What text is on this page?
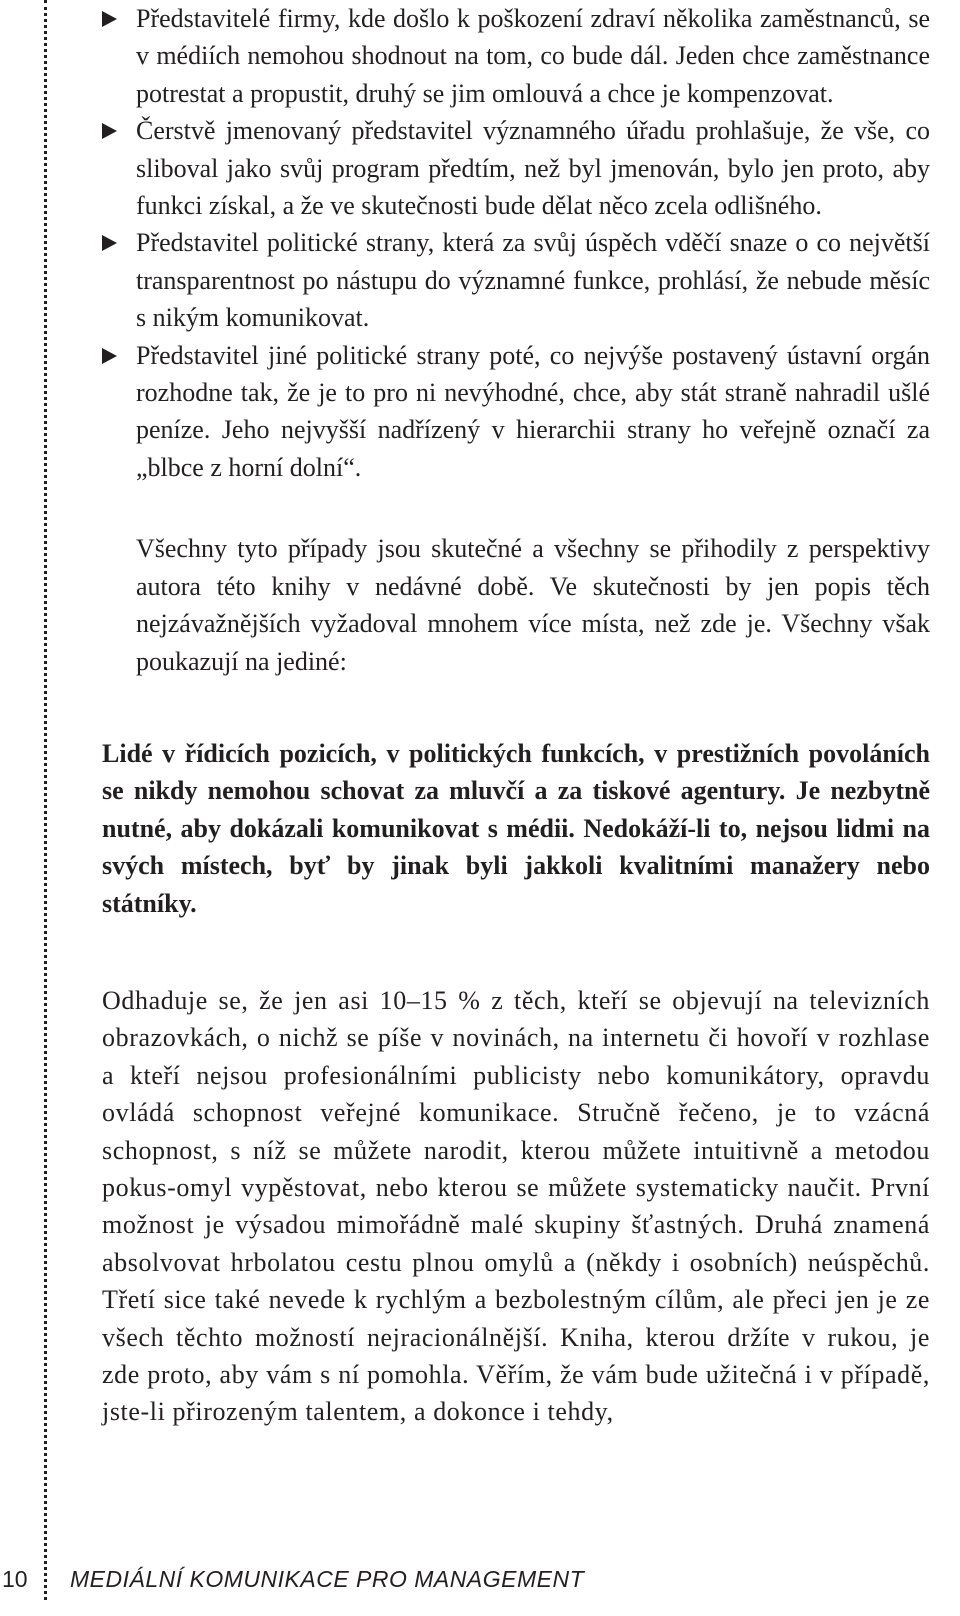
Představitelé firmy, kde došlo k poškození zdraví několika zaměstnanců, se v médiích nemohou shodnout na tom, co bude dál. Jeden chce zaměstnance potrestat a propustit, druhý se jim omlouvá a chce je kompenzovat.
Čerstvě jmenovaný představitel významného úřadu prohlašuje, že vše, co sliboval jako svůj program předtím, než byl jmenován, bylo jen proto, aby funkci získal, a že ve skutečnosti bude dělat něco zcela odlišného.
Představitel politické strany, která za svůj úspěch vděčí snaze o co největší transparentnost po nástupu do významné funkce, prohlásí, že nebude měsíc s nikým komunikovat.
Představitel jiné politické strany poté, co nejvýše postavený ústavní orgán rozhodne tak, že je to pro ni nevýhodné, chce, aby stát straně nahradil ušlé peníze. Jeho nejvyšší nadřízený v hierarchii strany ho veřejně označí za „blbce z horní dolní“.

Všechny tyto případy jsou skutečné a všechny se přihodily z perspektivy autora této knihy v nedávné době. Ve skutečnosti by jen popis těch nejzávažnějších vyžadoval mnohem více místa, než zde je. Všechny však poukazují na jediné:

Lidé v řídicích pozicích, v politických funkcích, v prestižních povoláních se nikdy nemohou schovat za mluvčí a za tiskové agentury. Je nezbytně nutné, aby dokázali komunikovat s médii. Nedokáží-li to, nejsou lidmi na svých místech, byť by jinak byli jakkoli kvalitními manažery nebo státníky.

Odhaduje se, že jen asi 10–15 % z těch, kteří se objevují na televizních obrazovkách, o nichž se píše v novinách, na internetu či hovoří v rozhlase a kteří nejsou profesionálními publicisty nebo komunikátory, opravdu ovládá schopnost veřejné komunikace. Stručně řečeno, je to vzácná schopnost, s níž se můžete narodit, kterou můžete intuitivně a metodou pokus-omyl vypěstovat, nebo kterou se můžete systematicky naučit. První možnost je výsadou mimořádně malé skupiny šťastných. Druhá znamená absolvovat hrbolatou cestu plnou omylů a (někdy i osobních) neúspěchů. Třetí sice také nevede k rychlým a bezbolestným cílům, ale přeci jen je ze všech těchto možností nejracionálnější. Kniha, kterou držíte v rukou, je zde proto, aby vám s ní pomohla. Věřím, že vám bude užitečná i v případě, jste-li přirozeným talentem, a dokonce i tehdy,

10 MEDIÁLNÍ KOMUNIKACE PRO MANAGEMENT
